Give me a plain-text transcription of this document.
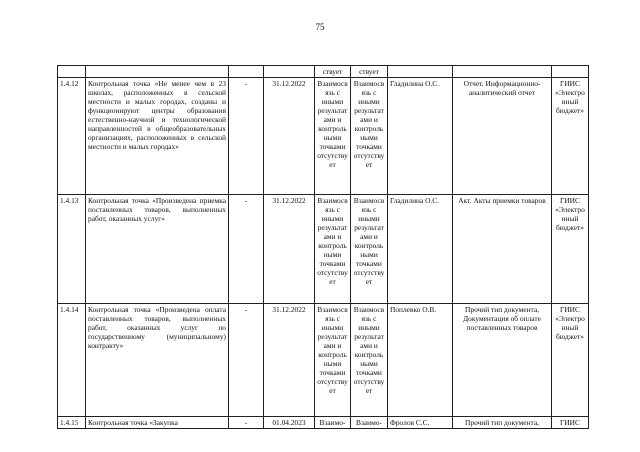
75
				ствует	ствует			
1.4.12	Контрольная точка «Не менее чем в 23 школах, расположенных в сельской местности и малых городах, созданы и функционируют центры образования естественно-научной и технологической направленностей в общеобразовательных организациях, расположенных в сельской местности и малых городах»	-	31.12.2022	Взаимосвязь с иными результатами и контрольными точками отсутствует	Взаимосвязь с иными результатами и контрольными точками отсутствует	Гладилина О.С.	Отчет. Информационно-аналитический отчет	ГИИС «Электронный бюджет»
1.4.13	Контрольная точка «Произведена приемка поставленных товаров, выполненных работ, оказанных услуг»	-	31.12.2022	Взаимосвязь с иными результатами и контрольными точками отсутствует	Взаимосвязь с иными результатами и контрольными точками отсутствует	Гладилина О.С.	Акт. Акты приемки товаров	ГИИС «Электронный бюджет»
1.4.14	Контрольная точка «Произведена оплата поставленных товаров, выполненных работ, оказанных услуг по государственному (муниципальному) контракту»	-	31.12.2022	Взаимосвязь с иными результатами и контрольными точками отсутствует	Взаимосвязь с иными результатами и контрольными точками отсутствует	Поплевко О.В.	Прочий тип документа, Документация об оплате поставленных товаров	ГИИС «Электронный бюджет»
1.4.15	Контрольная точка «Закупка	-	01.04.2023	Взаимо-	Взаимо-	Фролов С.С.	Прочий тип документа,	ГИИС
